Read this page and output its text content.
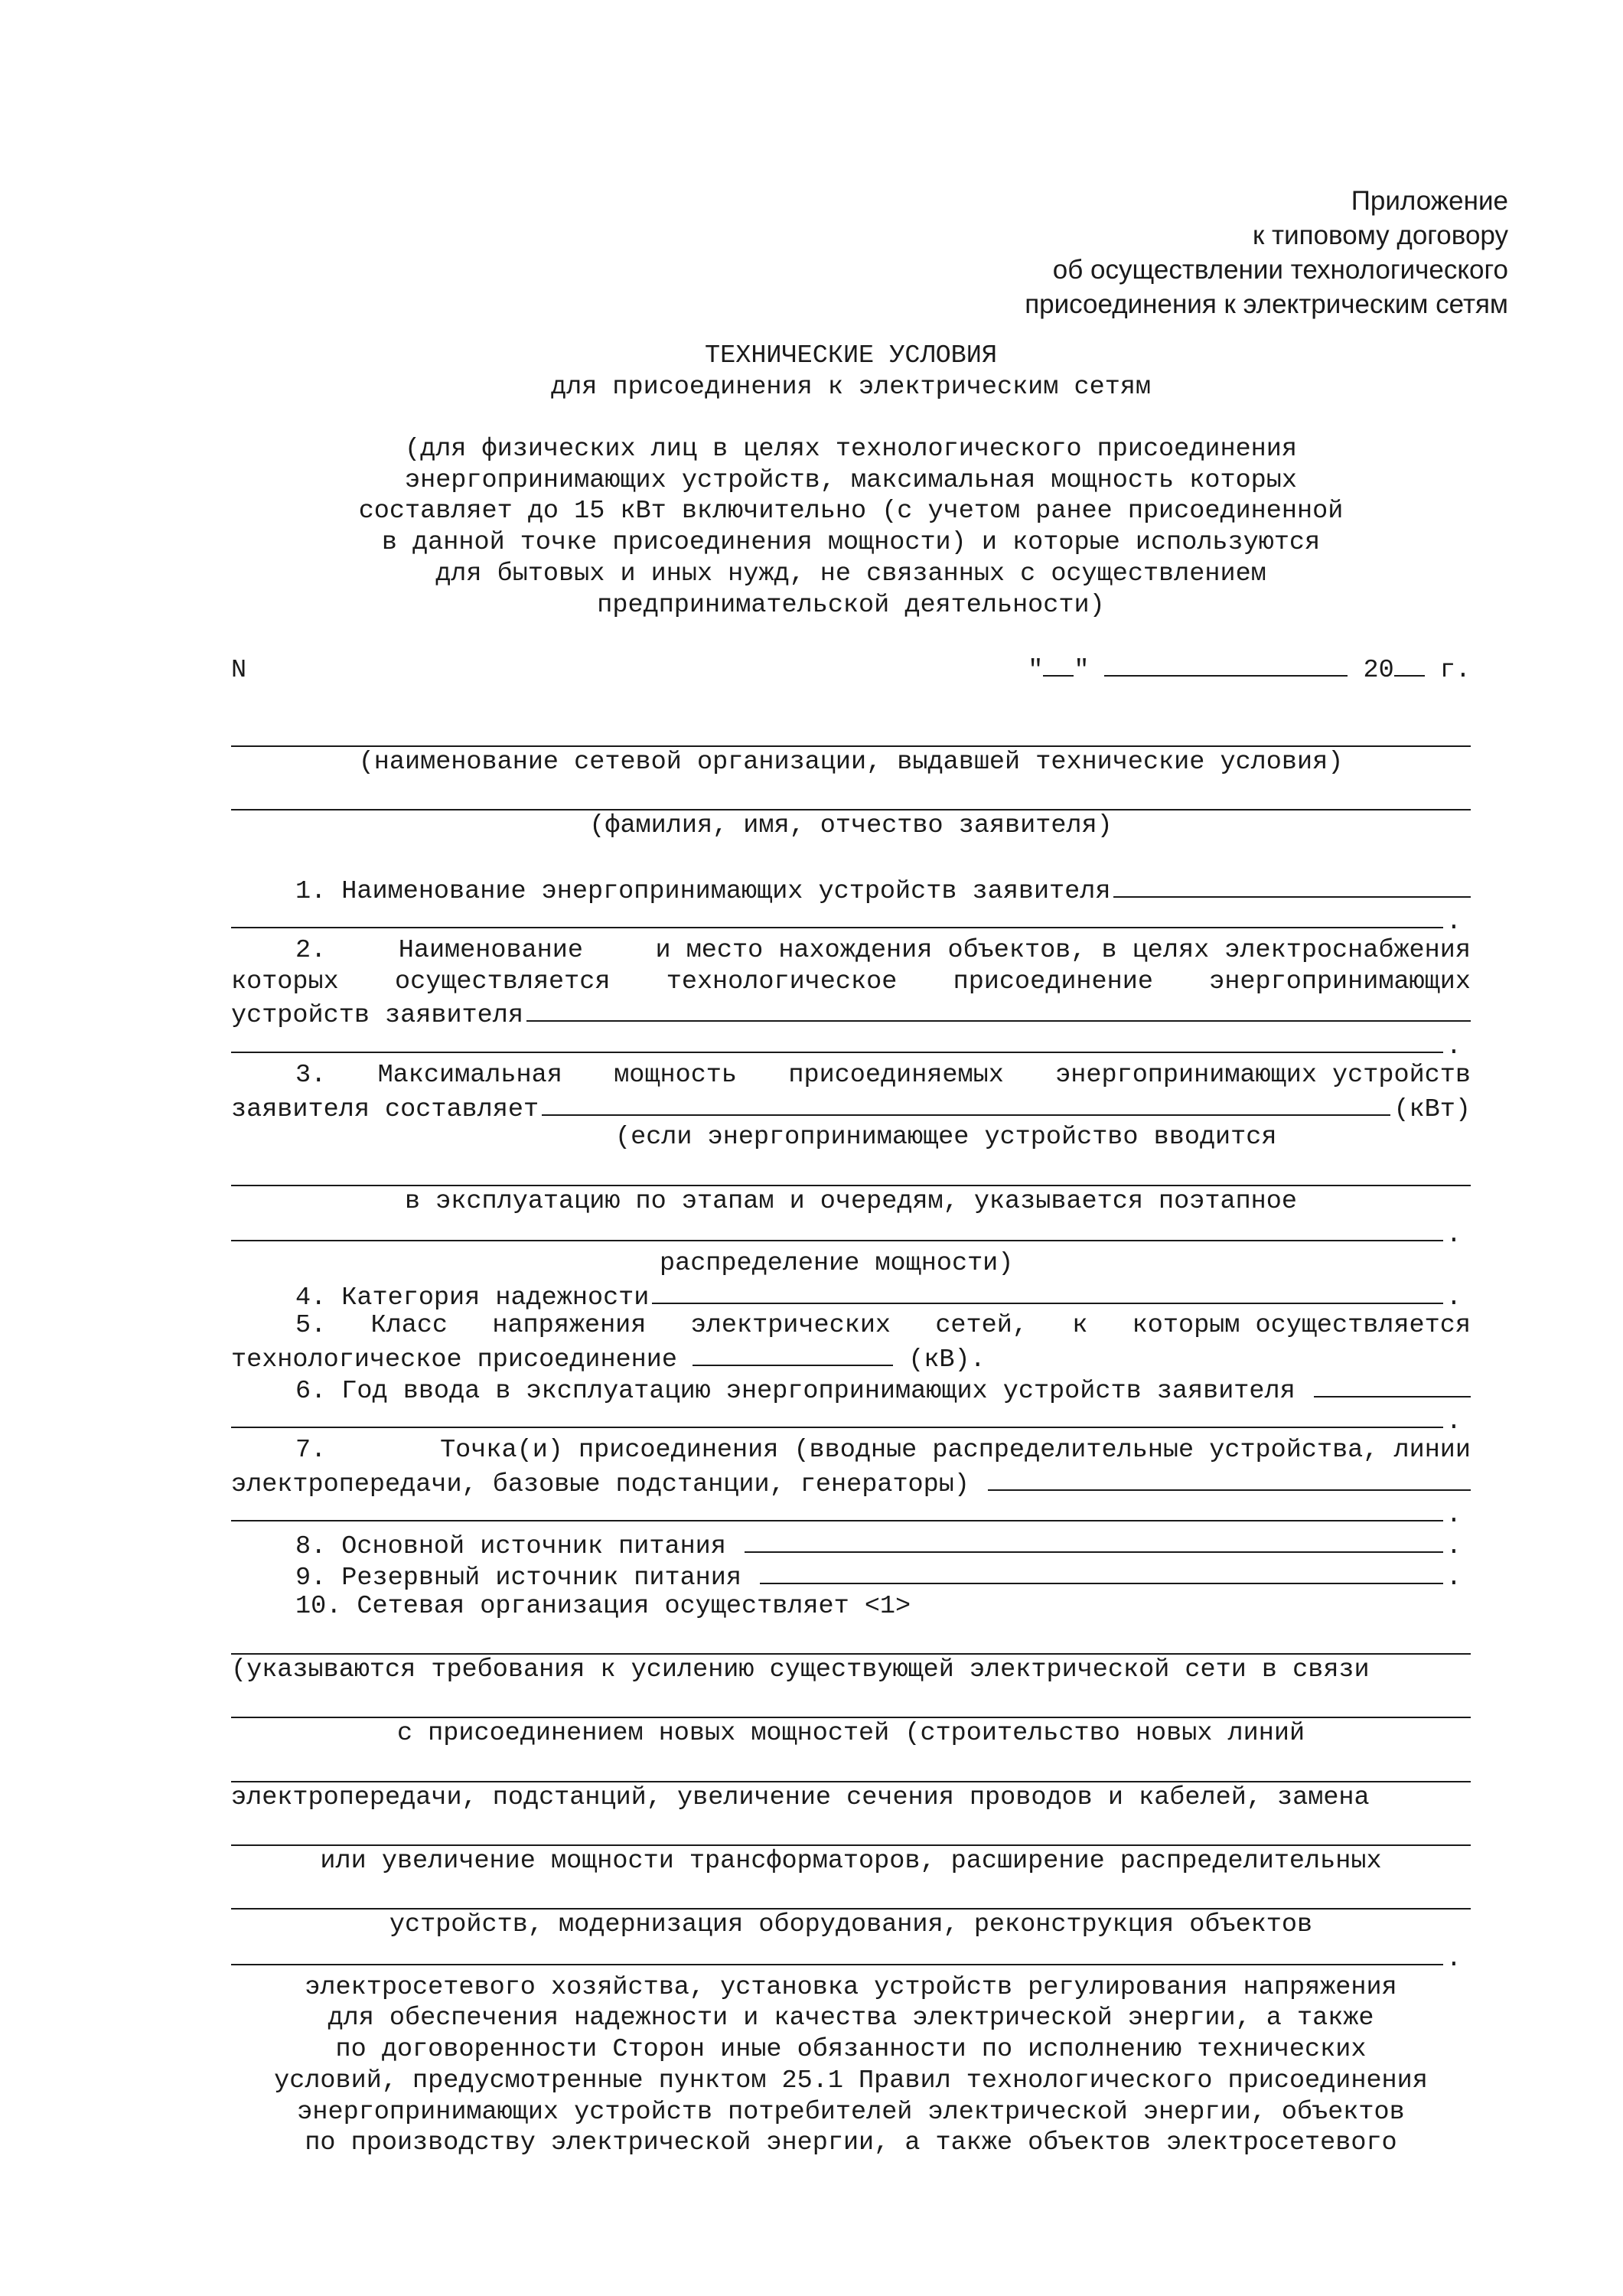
Приложение
к типовому договору
об осуществлении технологического
присоединения к электрическим сетям
ТЕХНИЧЕСКИЕ УСЛОВИЯ
для присоединения к электрическим сетям
(для физических лиц в целях технологического присоединения
энергопринимающих устройств, максимальная мощность которых
составляет до 15 кВт включительно (с учетом ранее присоединенной
в данной точке присоединения мощности) и которые используются
для бытовых и иных нужд, не связанных с осуществлением
предпринимательской деятельности)
N	" "	20 г.
(наименование сетевой организации, выдавшей технические условия)
(фамилия, имя, отчество заявителя)
1. Наименование энергопринимающих устройств заявителя
.
2.	Наименование	и место нахождения объектов, в целях электроснабжения
которых осуществляется технологическое присоединение энергопринимающих
устройств заявителя
.
3. Максимальная мощность присоединяемых энергопринимающих устройств
заявителя составляет	(кВт)
(если энергопринимающее устройство вводится
в эксплуатацию по этапам и очередям, указывается поэтапное
.
распределение мощности)
4. Категория надежности	.
5. Класс напряжения электрических сетей, к которым осуществляется
технологическое присоединение	(кВ).
6. Год ввода в эксплуатацию энергопринимающих устройств заявителя
.
7.	Точка(и) присоединения (вводные распределительные устройства, линии
электропередачи, базовые подстанции, генераторы)
.
8. Основной источник питания	.
9. Резервный источник питания	.
10. Сетевая организация осуществляет <1>
(указываются требования к усилению существующей электрической сети в связи
с присоединением новых мощностей (строительство новых линий
электропередачи, подстанций, увеличение сечения проводов и кабелей, замена
или увеличение мощности трансформаторов, расширение распределительных
устройств, модернизация оборудования, реконструкция объектов
.
электросетевого хозяйства, установка устройств регулирования напряжения
для обеспечения надежности и качества электрической энергии, а также
по договоренности Сторон иные обязанности по исполнению технических
условий, предусмотренные пунктом 25.1 Правил технологического присоединения
энергопринимающих устройств потребителей электрической энергии, объектов
по производству электрической энергии, а также объектов электросетевого
